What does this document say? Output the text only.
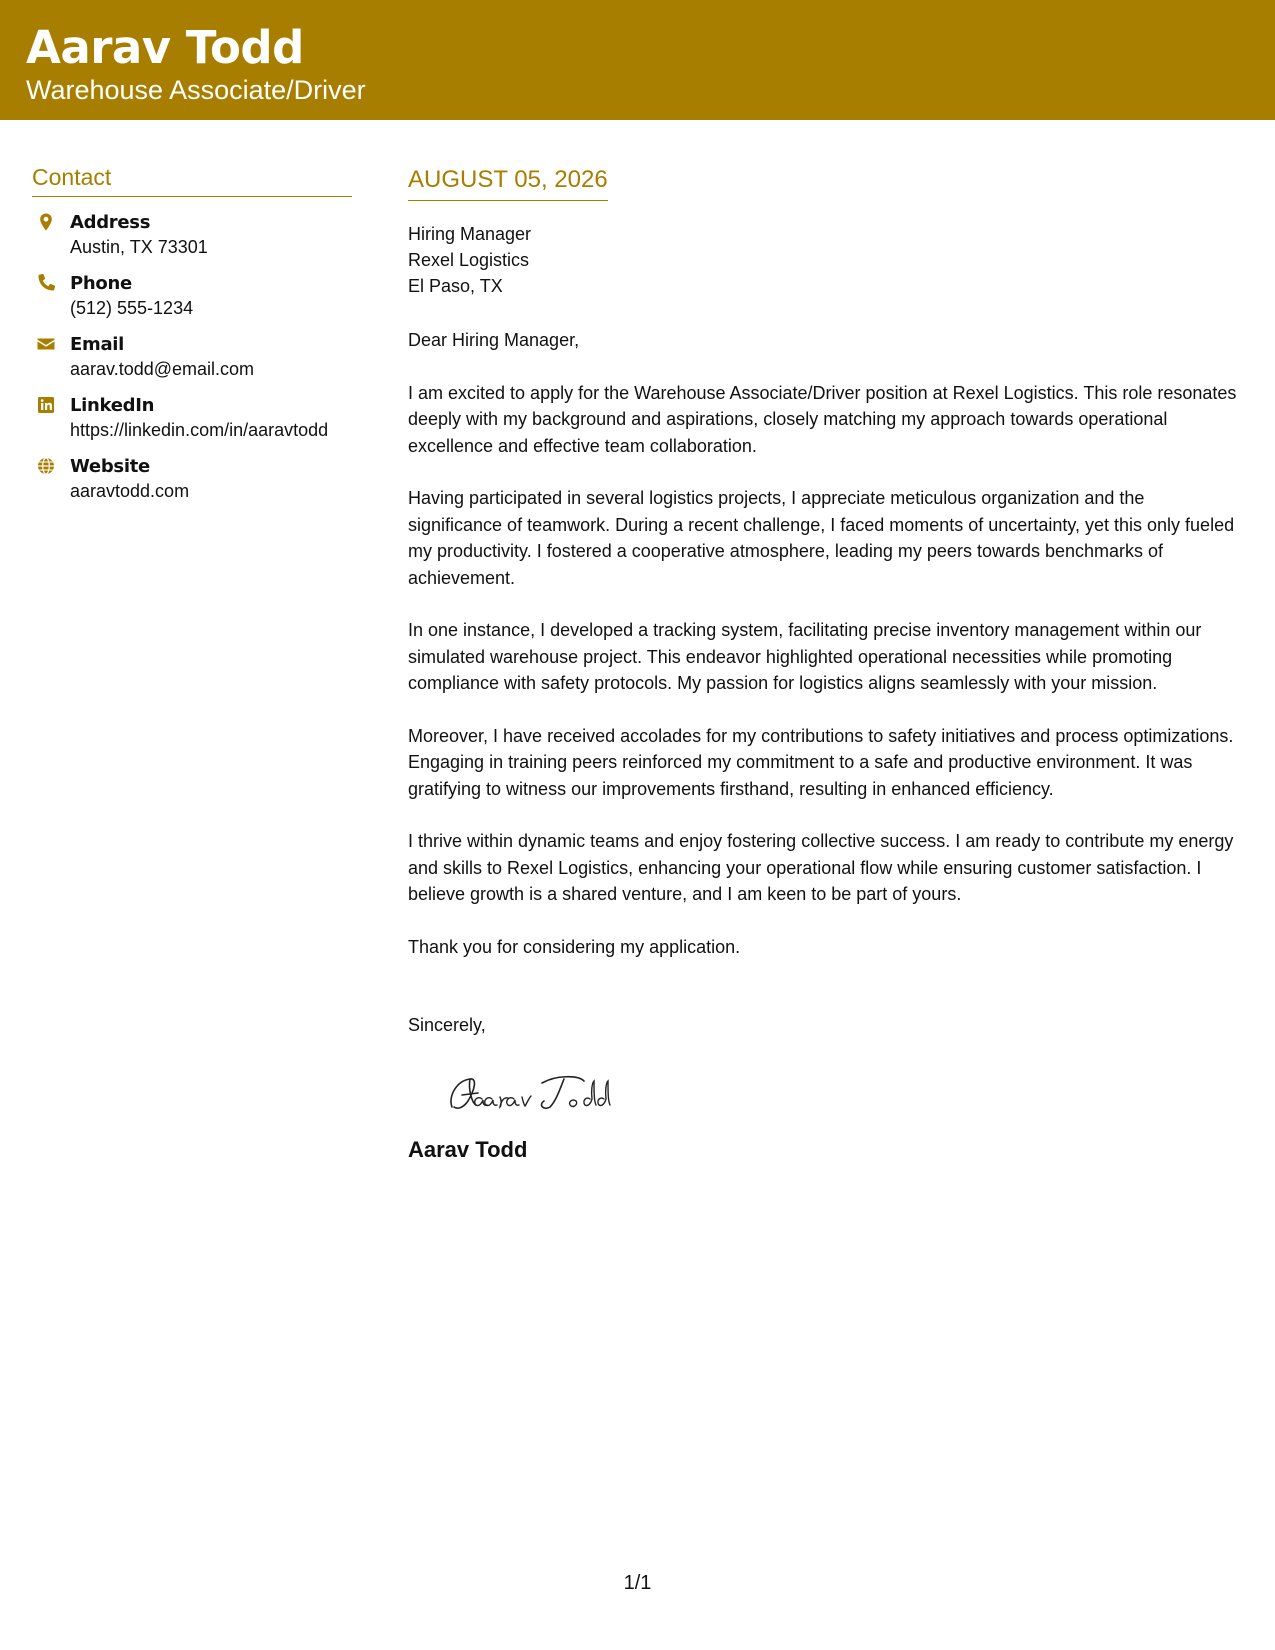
Aarav Todd
Warehouse Associate/Driver
Contact
Address
Austin, TX 73301
Phone
(512) 555-1234
Email
aarav.todd@email.com
LinkedIn
https://linkedin.com/in/aaravtodd
Website
aaravtodd.com
AUGUST 05, 2026
Hiring Manager
Rexel Logistics
El Paso, TX
Dear Hiring Manager,
I am excited to apply for the Warehouse Associate/Driver position at Rexel Logistics. This role resonates deeply with my background and aspirations, closely matching my approach towards operational excellence and effective team collaboration.
Having participated in several logistics projects, I appreciate meticulous organization and the significance of teamwork. During a recent challenge, I faced moments of uncertainty, yet this only fueled my productivity. I fostered a cooperative atmosphere, leading my peers towards benchmarks of achievement.
In one instance, I developed a tracking system, facilitating precise inventory management within our simulated warehouse project. This endeavor highlighted operational necessities while promoting compliance with safety protocols. My passion for logistics aligns seamlessly with your mission.
Moreover, I have received accolades for my contributions to safety initiatives and process optimizations. Engaging in training peers reinforced my commitment to a safe and productive environment. It was gratifying to witness our improvements firsthand, resulting in enhanced efficiency.
I thrive within dynamic teams and enjoy fostering collective success. I am ready to contribute my energy and skills to Rexel Logistics, enhancing your operational flow while ensuring customer satisfaction. I believe growth is a shared venture, and I am keen to be part of yours.
Thank you for considering my application.
Sincerely,
Aarav Todd
1/1
